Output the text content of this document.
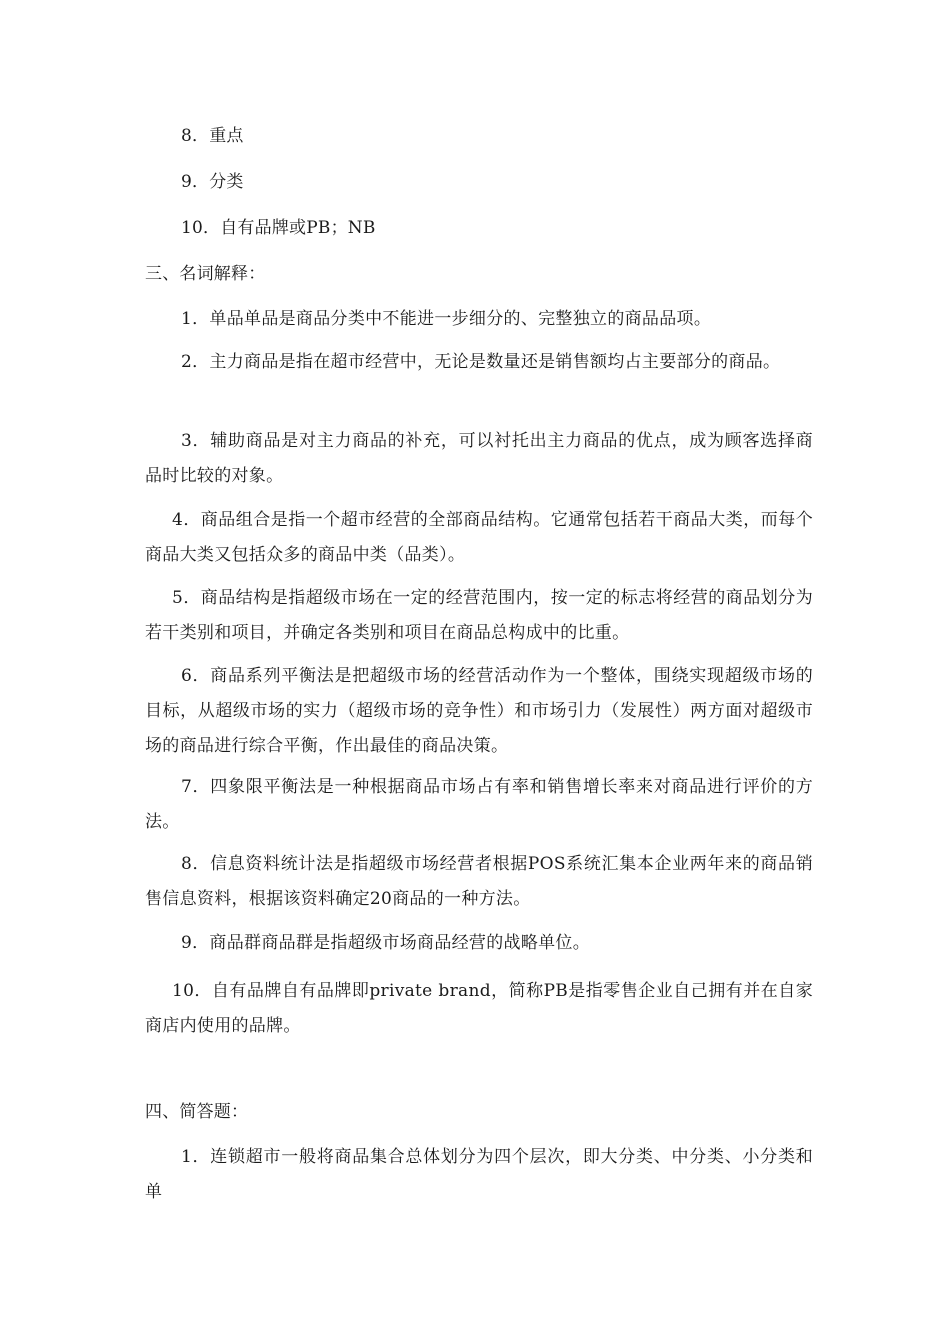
8．重点
9．分类
10．自有品牌或PB；NB
三、名词解释：
1．单品单品是商品分类中不能进一步细分的、完整独立的商品品项。
2．主力商品是指在超市经营中，无论是数量还是销售额均占主要部分的商品。
3．辅助商品是对主力商品的补充，可以衬托出主力商品的优点，成为顾客选择商品时比较的对象。
4．商品组合是指一个超市经营的全部商品结构。它通常包括若干商品大类，而每个商品大类又包括众多的商品中类（品类）。
5．商品结构是指超级市场在一定的经营范围内，按一定的标志将经营的商品划分为若干类别和项目，并确定各类别和项目在商品总构成中的比重。
6．商品系列平衡法是把超级市场的经营活动作为一个整体，围绕实现超级市场的目标，从超级市场的实力（超级市场的竞争性）和市场引力（发展性）两方面对超级市场的商品进行综合平衡，作出最佳的商品决策。
7．四象限平衡法是一种根据商品市场占有率和销售增长率来对商品进行评价的方法。
8．信息资料统计法是指超级市场经营者根据POS系统汇集本企业两年来的商品销售信息资料，根据该资料确定20商品的一种方法。
9．商品群商品群是指超级市场商品经营的战略单位。
10．自有品牌自有品牌即private brand，简称PB是指零售企业自己拥有并在自家商店内使用的品牌。
四、简答题：
1．连锁超市一般将商品集合总体划分为四个层次，即大分类、中分类、小分类和单
